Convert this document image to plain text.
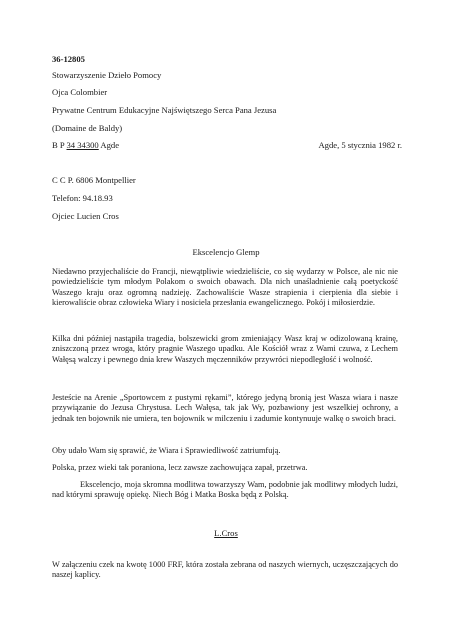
36-12805
Stowarzyszenie Dzieło Pomocy
Ojca Colombier
Prywatne Centrum Edukacyjne Najświętszego Serca Pana Jezusa
(Domaine de Baldy)
B P 34 34300 Agde	Agde, 5 stycznia 1982 r.
C C P. 6806 Montpellier
Telefon: 94.18.93
Ojciec Lucien Cros
Ekscelencjo Glemp
Niedawno przyjechaliście do Francji, niewątpliwie wiedzieliście, co się wydarzy w Polsce, ale nic nie powiedzieliście tym młodym Polakom o swoich obawach. Dla nich unaśladnienie całą poetyckość Waszego kraju oraz ogromną nadzieję. Zachowaliście Wasze strapienia i cierpienia dla siebie i kierowaliście obraz człowieka Wiary i nosiciela przesłania ewangelicznego. Pokój i miłosierdzie.
Kilka dni później nastąpiła tragedia, bolszewicki grom zmieniający Wasz kraj w odizolowaną krainę, zniszczoną przez wroga, który pragnie Waszego upadku. Ale Kościół wraz z Wami czuwa, z Lechem Wałęsą walczy i pewnego dnia krew Waszych męczenników przywróci niepodległość i wolność.
Jesteście na Arenie „Sportowcem z pustymi rękami”, którego jedyną bronią jest Wasza wiara i nasze przywiązanie do Jezusa Chrystusa. Lech Wałęsa, tak jak Wy, pozbawiony jest wszelkiej ochrony, a jednak ten bojownik nie umiera, ten bojownik w milczeniu i zadumie kontynuuje walkę o swoich braci.
Oby udało Wam się sprawić, że Wiara i Sprawiedliwość zatriumfują.
Polska, przez wieki tak poraniona, lecz zawsze zachowująca zapał, przetrwa.
Ekscelencjo, moja skromna modlitwa towarzyszy Wam, podobnie jak modlitwy młodych ludzi, nad którymi sprawuję opiekę. Niech Bóg i Matka Boska będą z Polską.
L.Cros
W załączeniu czek na kwotę 1000 FRF, która została zebrana od naszych wiernych, uczęszczających do naszej kaplicy.
